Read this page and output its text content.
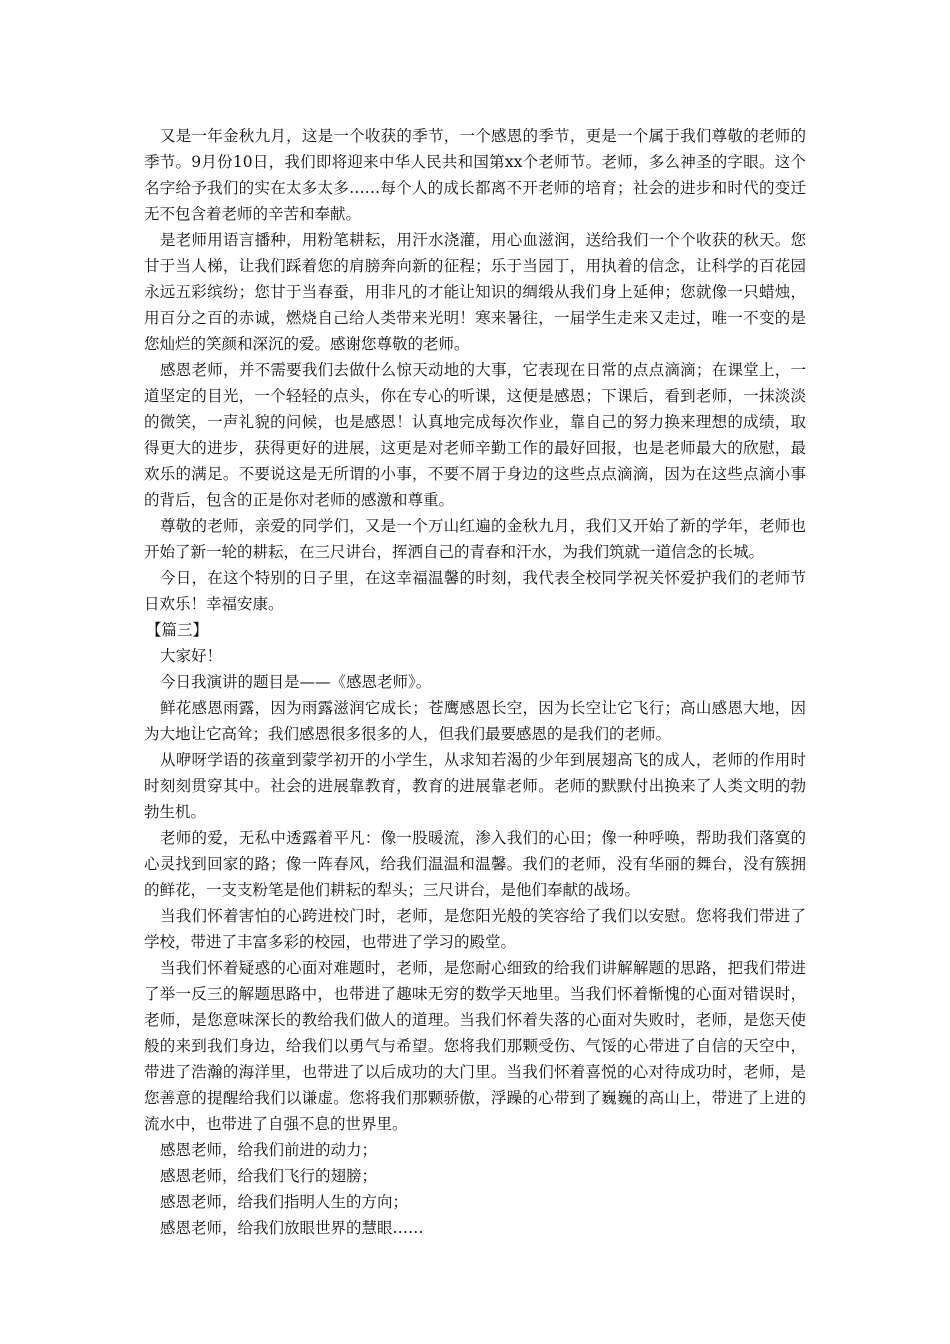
又是一年金秋九月，这是一个收获的季节，一个感恩的季节，更是一个属于我们尊敬的老师的季节。9月份10日，我们即将迎来中华人民共和国第xx个老师节。老师，多么神圣的字眼。这个名字给予我们的实在太多太多……每个人的成长都离不开老师的培育；社会的进步和时代的变迁无不包含着老师的辛苦和奉献。

是老师用语言播种，用粉笔耕耘，用汗水浇灌，用心血滋润，送给我们一个个收获的秋天。您甘于当人梯，让我们踩着您的肩膀奔向新的征程；乐于当园丁，用执着的信念，让科学的百花园永远五彩缤纷；您甘于当春蚕，用非凡的才能让知识的绸缎从我们身上延伸；您就像一只蜡烛，用百分之百的赤诚，燃烧自己给人类带来光明！寒来暑往，一届学生走来又走过，唯一不变的是您灿烂的笑颜和深沉的爱。感谢您尊敬的老师。

感恩老师，并不需要我们去做什么惊天动地的大事，它表现在日常的点点滴滴；在课堂上，一道坚定的目光，一个轻轻的点头，你在专心的听课，这便是感恩；下课后，看到老师，一抹淡淡的微笑，一声礼貌的问候，也是感恩！认真地完成每次作业，靠自己的努力换来理想的成绩，取得更大的进步，获得更好的进展，这更是对老师辛勤工作的最好回报，也是老师最大的欣慰，最欢乐的满足。不要说这是无所谓的小事，不要不屑于身边的这些点点滴滴，因为在这些点滴小事的背后，包含的正是你对老师的感激和尊重。

尊敬的老师，亲爱的同学们，又是一个万山红遍的金秋九月，我们又开始了新的学年，老师也开始了新一轮的耕耘，在三尺讲台，挥洒自己的青春和汗水，为我们筑就一道信念的长城。

今日，在这个特别的日子里，在这幸福温馨的时刻，我代表全校同学祝关怀爱护我们的老师节日欢乐！幸福安康。

【篇三】

大家好！

今日我演讲的题目是——《感恩老师》。

鲜花感恩雨露，因为雨露滋润它成长；苍鹰感恩长空，因为长空让它飞行；高山感恩大地，因为大地让它高耸；我们感恩很多很多的人，但我们最要感恩的是我们的老师。

从咿呀学语的孩童到蒙学初开的小学生，从求知若渴的少年到展翅高飞的成人，老师的作用时时刻刻贯穿其中。社会的进展靠教育，教育的进展靠老师。老师的默默付出换来了人类文明的勃勃生机。

老师的爱，无私中透露着平凡：像一股暖流，渗入我们的心田；像一种呼唤，帮助我们落寞的心灵找到回家的路；像一阵春风，给我们温温和温馨。我们的老师，没有华丽的舞台，没有簇拥的鲜花，一支支粉笔是他们耕耘的犁头；三尺讲台，是他们奉献的战场。

当我们怀着害怕的心跨进校门时，老师，是您阳光般的笑容给了我们以安慰。您将我们带进了学校，带进了丰富多彩的校园，也带进了学习的殿堂。

当我们怀着疑惑的心面对难题时，老师，是您耐心细致的给我们讲解解题的思路，把我们带进了举一反三的解题思路中，也带进了趣味无穷的数学天地里。当我们怀着惭愧的心面对错误时，老师，是您意味深长的教给我们做人的道理。当我们怀着失落的心面对失败时，老师，是您天使般的来到我们身边，给我们以勇气与希望。您将我们那颗受伤、气馁的心带进了自信的天空中，带进了浩瀚的海洋里，也带进了以后成功的大门里。当我们怀着喜悦的心对待成功时，老师，是您善意的提醒给我们以谦虚。您将我们那颗骄傲，浮躁的心带到了巍巍的高山上，带进了上进的流水中，也带进了自强不息的世界里。

感恩老师，给我们前进的动力；

感恩老师，给我们飞行的翅膀；

感恩老师，给我们指明人生的方向；

感恩老师，给我们放眼世界的慧眼……
